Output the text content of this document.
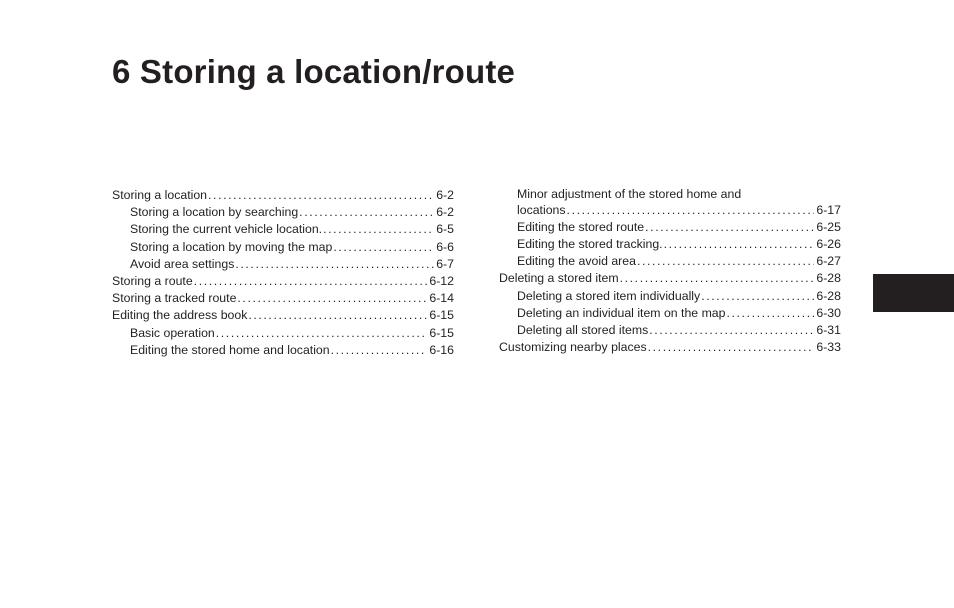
6 Storing a location/route
Storing a location .....	6-2
Storing a location by searching .....	6-2
Storing the current vehicle location. .....	6-5
Storing a location by moving the map .....	6-6
Avoid area settings .....	6-7
Storing a route .....	6-12
Storing a tracked route .....	6-14
Editing the address book .....	6-15
Basic operation .....	6-15
Editing the stored home and location .....	6-16
Minor adjustment of the stored home and
locations .....	6-17
Editing the stored route .....	6-25
Editing the stored tracking. .....	6-26
Editing the avoid area .....	6-27
Deleting a stored item .....	6-28
Deleting a stored item individually .....	6-28
Deleting an individual item on the map .....	6-30
Deleting all stored items .....	6-31
Customizing nearby places .....	6-33
